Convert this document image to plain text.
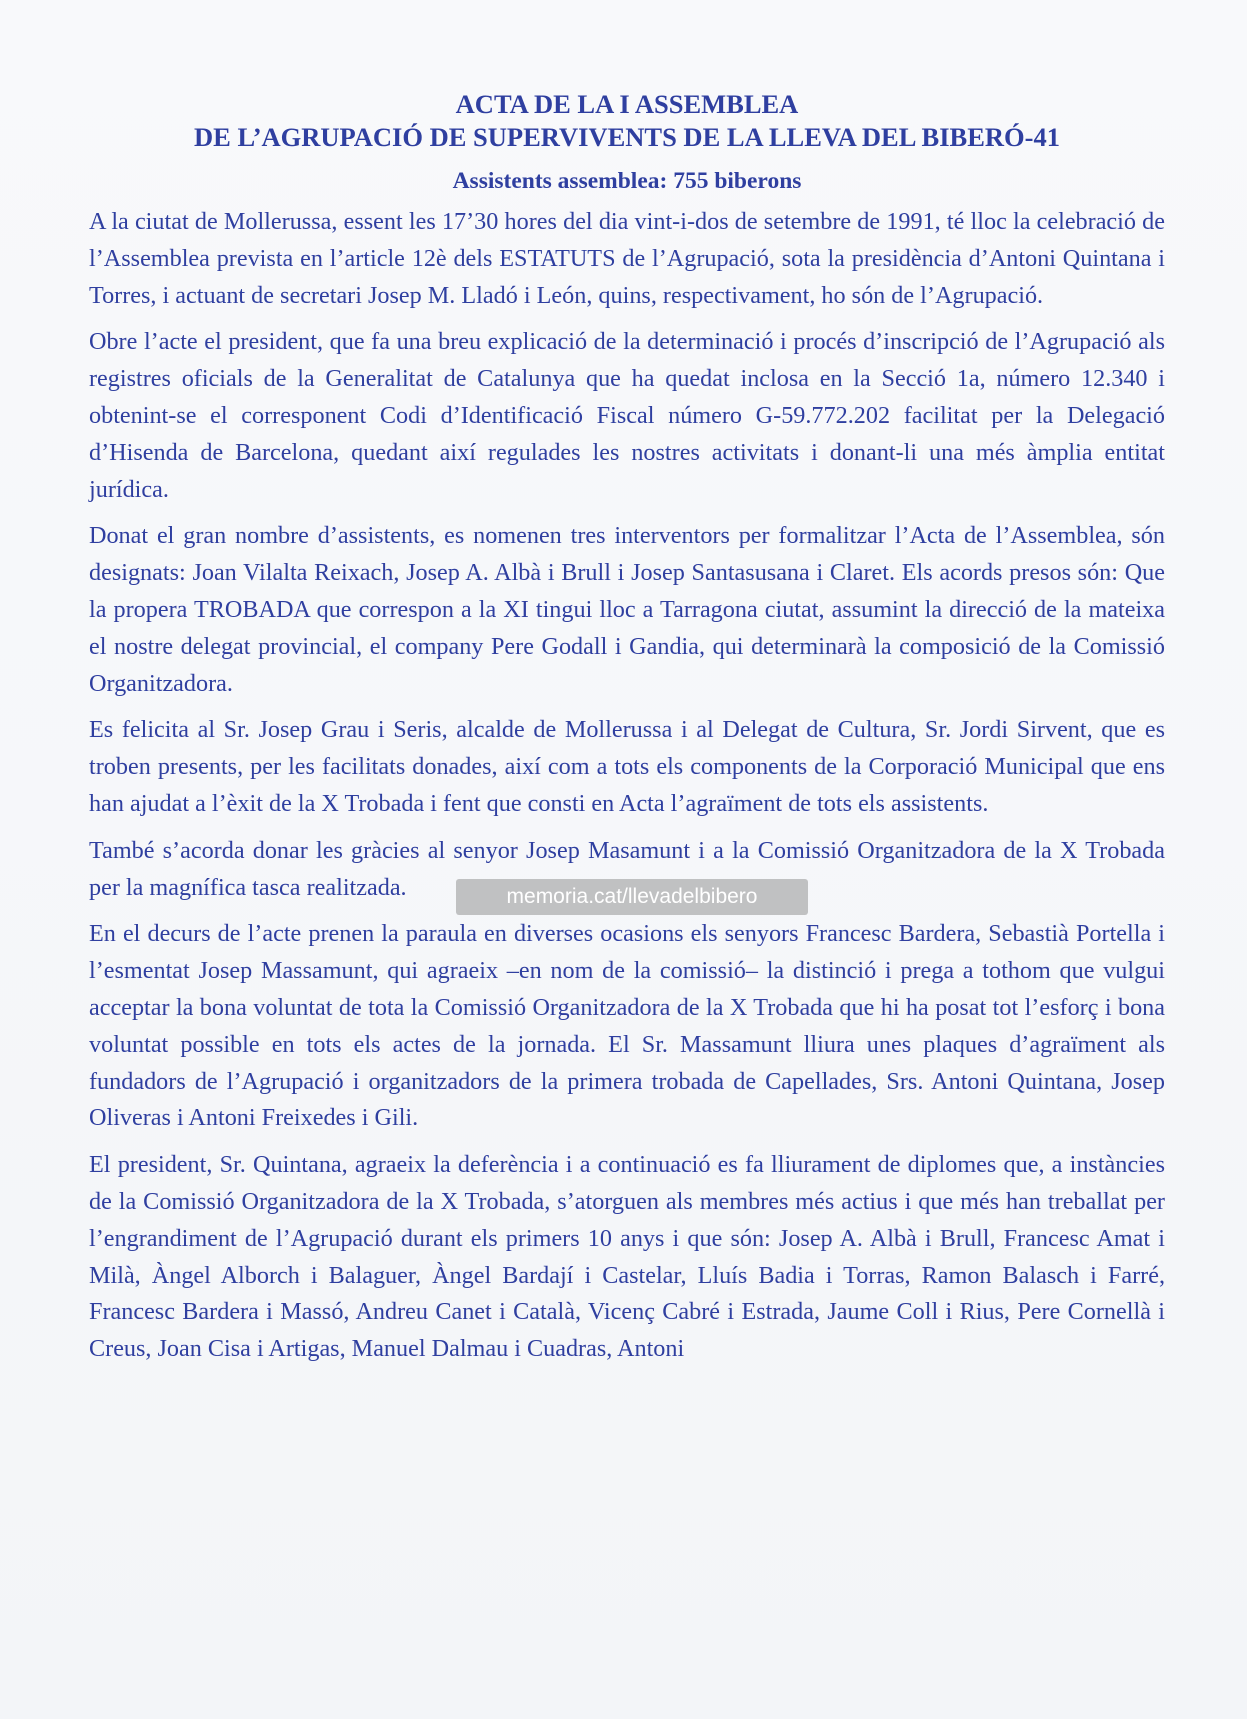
ACTA DE LA I ASSEMBLEA
DE L’AGRUPACIÓ DE SUPERVIVENTS DE LA LLEVA DEL BIBERÓ-41
Assistents assemblea: 755 biberons

A la ciutat de Mollerussa, essent les 17’30 hores del dia vint-i-dos de setembre de 1991, té lloc la celebració de l’Assemblea prevista en l’article 12è dels ESTATUTS de l’Agrupació, sota la presidència d’Antoni Quintana i Torres, i actuant de secretari Josep M. Lladó i León, quins, respectivament, ho són de l’Agrupació.

Obre l’acte el president, que fa una breu explicació de la determinació i procés d’inscripció de l’Agrupació als registres oficials de la Generalitat de Catalunya que ha quedat inclosa en la Secció 1a, número 12.340 i obtenint-se el corresponent Codi d’Identificació Fiscal número G-59.772.202 facilitat per la Delegació d’Hisenda de Barcelona, quedant així regulades les nostres activitats i donant-li una més àmplia entitat jurídica.

Donat el gran nombre d’assistents, es nomenen tres interventors per formalitzar l’Acta de l’Assemblea, són designats: Joan Vilalta Reixach, Josep A. Albà i Brull i Josep Santasusana i Claret. Els acords presos són: Que la propera TROBADA que correspon a la XI tingui lloc a Tarragona ciutat, assumint la direcció de la mateixa el nostre delegat provincial, el company Pere Godall i Gandia, qui determinarà la composició de la Comissió Organitzadora.

Es felicita al Sr. Josep Grau i Seris, alcalde de Mollerussa i al Delegat de Cultura, Sr. Jordi Sirvent, que es troben presents, per les facilitats donades, així com a tots els components de la Corporació Municipal que ens han ajudat a l’èxit de la X Trobada i fent que consti en Acta l’agraïment de tots els assistents.

També s’acorda donar les gràcies al senyor Josep Masamunt i a la Comissió Organitzadora de la X Trobada per la magnífica tasca realitzada.

En el decurs de l’acte prenen la paraula en diverses ocasions els senyors Francesc Bardera, Sebastià Portella i l’esmentat Josep Massamunt, qui agraeix –en nom de la comissió– la distinció i prega a tothom que vulgui acceptar la bona voluntat de tota la Comissió Organitzadora de la X Trobada que hi ha posat tot l’esforç i bona voluntat possible en tots els actes de la jornada. El Sr. Massamunt lliura unes plaques d’agraïment als fundadors de l’Agrupació i organitzadors de la primera trobada de Capellades, Srs. Antoni Quintana, Josep Oliveras i Antoni Freixedes i Gili.

El president, Sr. Quintana, agraeix la deferència i a continuació es fa lliurament de diplomes que, a instàncies de la Comissió Organitzadora de la X Trobada, s’atorguen als membres més actius i que més han treballat per l’engrandiment de l’Agrupació durant els primers 10 anys i que són: Josep A. Albà i Brull, Francesc Amat i Milà, Àngel Alborch i Balaguer, Àngel Bardají i Castelar, Lluís Badia i Torras, Ramon Balasch i Farré, Francesc Bardera i Massó, Andreu Canet i Català, Vicenç Cabré i Estrada, Jaume Coll i Rius, Pere Cornellà i Creus, Joan Cisa i Artigas, Manuel Dalmau i Cuadras, Antoni

memoria.cat/llevadelbibero
